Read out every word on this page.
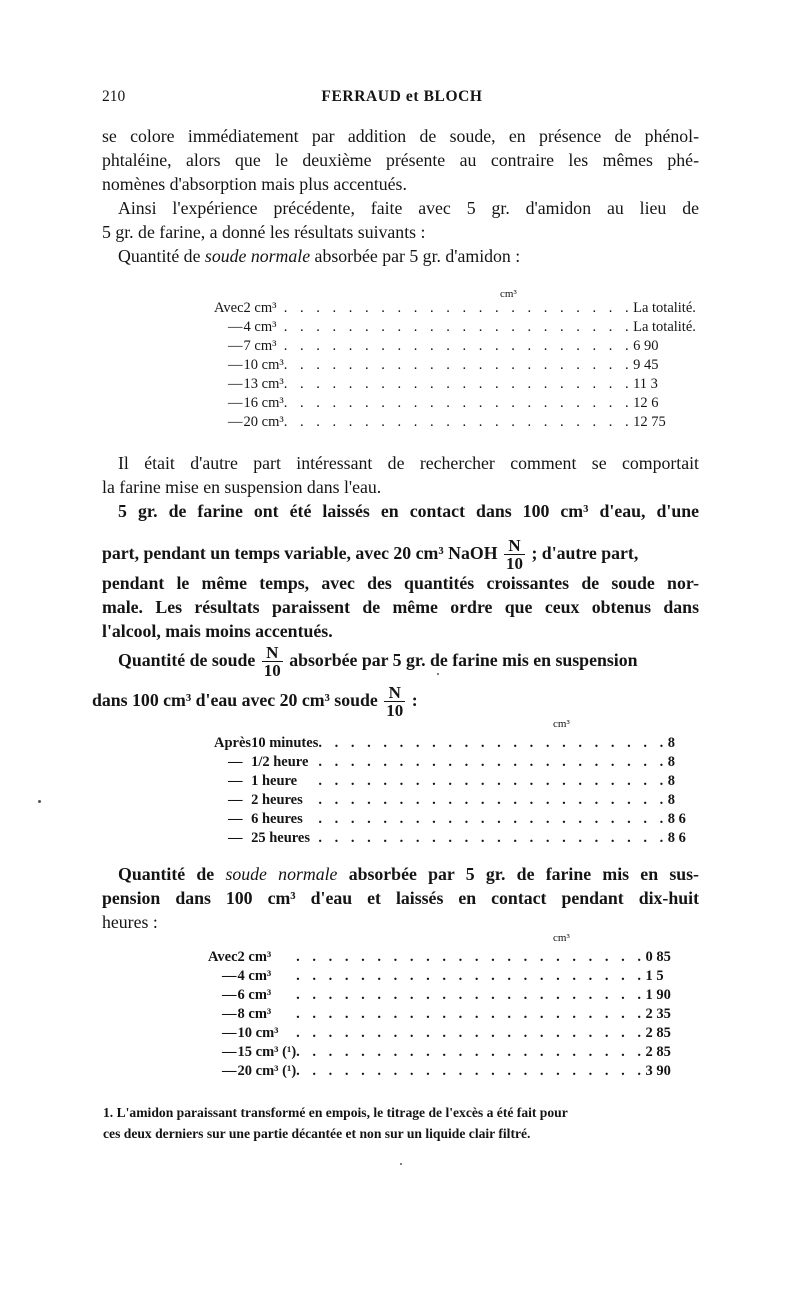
210	FERRAUD et BLOCH
se colore immédiatement par addition de soude, en présence de phénol-
phtaléine, alors que le deuxième présente au contraire les mêmes phé-
nomènes d'absorption mais plus accentués.
Ainsi l'expérience précédente, faite avec 5 gr. d'amidon au lieu de
5 gr. de farine, a donné les résultats suivants :
Quantité de soude normale absorbée par 5 gr. d'amidon :
cm³
Avec	2 cm³	. . . . . . . . . . . . . . . . . . . . . .	La totalité.
—	4 cm³	. . . . . . . . . . . . . . . . . . . . . .	La totalité.
—	7 cm³	. . . . . . . . . . . . . . . . . . . . . .	6 90
—	10 cm³	. . . . . . . . . . . . . . . . . . . . . .	9 45
—	13 cm³	. . . . . . . . . . . . . . . . . . . . . .	11 3
—	16 cm³	. . . . . . . . . . . . . . . . . . . . . .	12 6
—	20 cm³	. . . . . . . . . . . . . . . . . . . . . .	12 75
Il était d'autre part intéressant de rechercher comment se comportait
la farine mise en suspension dans l'eau.
5 gr. de farine ont été laissés en contact dans 100 cm³ d'eau, d'une
part, pendant un temps variable, avec 20 cm³ NaOH $\frac{N}{10}$ ; d'autre part,
pendant le même temps, avec des quantités croissantes de soude nor-
male. Les résultats paraissent de même ordre que ceux obtenus dans
l'alcool, mais moins accentués.
Quantité de soude $\frac{N}{10}$ absorbée par 5 gr. de farine mis en suspension
dans 100 cm³ d'eau avec 20 cm³ soude $\frac{N}{10}$ :
cm³
Après	10 minutes	. . . . . . . . . . . . . . . . . . . . . .	8
—	1/2 heure	. . . . . . . . . . . . . . . . . . . . . .	8
—	1 heure	. . . . . . . . . . . . . . . . . . . . . .	8
—	2 heures	. . . . . . . . . . . . . . . . . . . . . .	8
—	6 heures	. . . . . . . . . . . . . . . . . . . . . .	8 6
—	25 heures	. . . . . . . . . . . . . . . . . . . . . .	8 6
Quantité de soude normale absorbée par 5 gr. de farine mis en sus-
pension dans 100 cm³ d'eau et laissés en contact pendant dix-huit
heures :
cm³
Avec	2 cm³	. . . . . . . . . . . . . . . . . . . . . .	0 85
—	4 cm³	. . . . . . . . . . . . . . . . . . . . . .	1 5
—	6 cm³	. . . . . . . . . . . . . . . . . . . . . .	1 90
—	8 cm³	. . . . . . . . . . . . . . . . . . . . . .	2 35
—	10 cm³	. . . . . . . . . . . . . . . . . . . . . .	2 85
—	15 cm³ (¹)	. . . . . . . . . . . . . . . . . . . . . .	2 85
—	20 cm³ (¹)	. . . . . . . . . . . . . . . . . . . . . .	3 90
1. L'amidon paraissant transformé en empois, le titrage de l'excès a été fait pour
ces deux derniers sur une partie décantée et non sur un liquide clair filtré.
